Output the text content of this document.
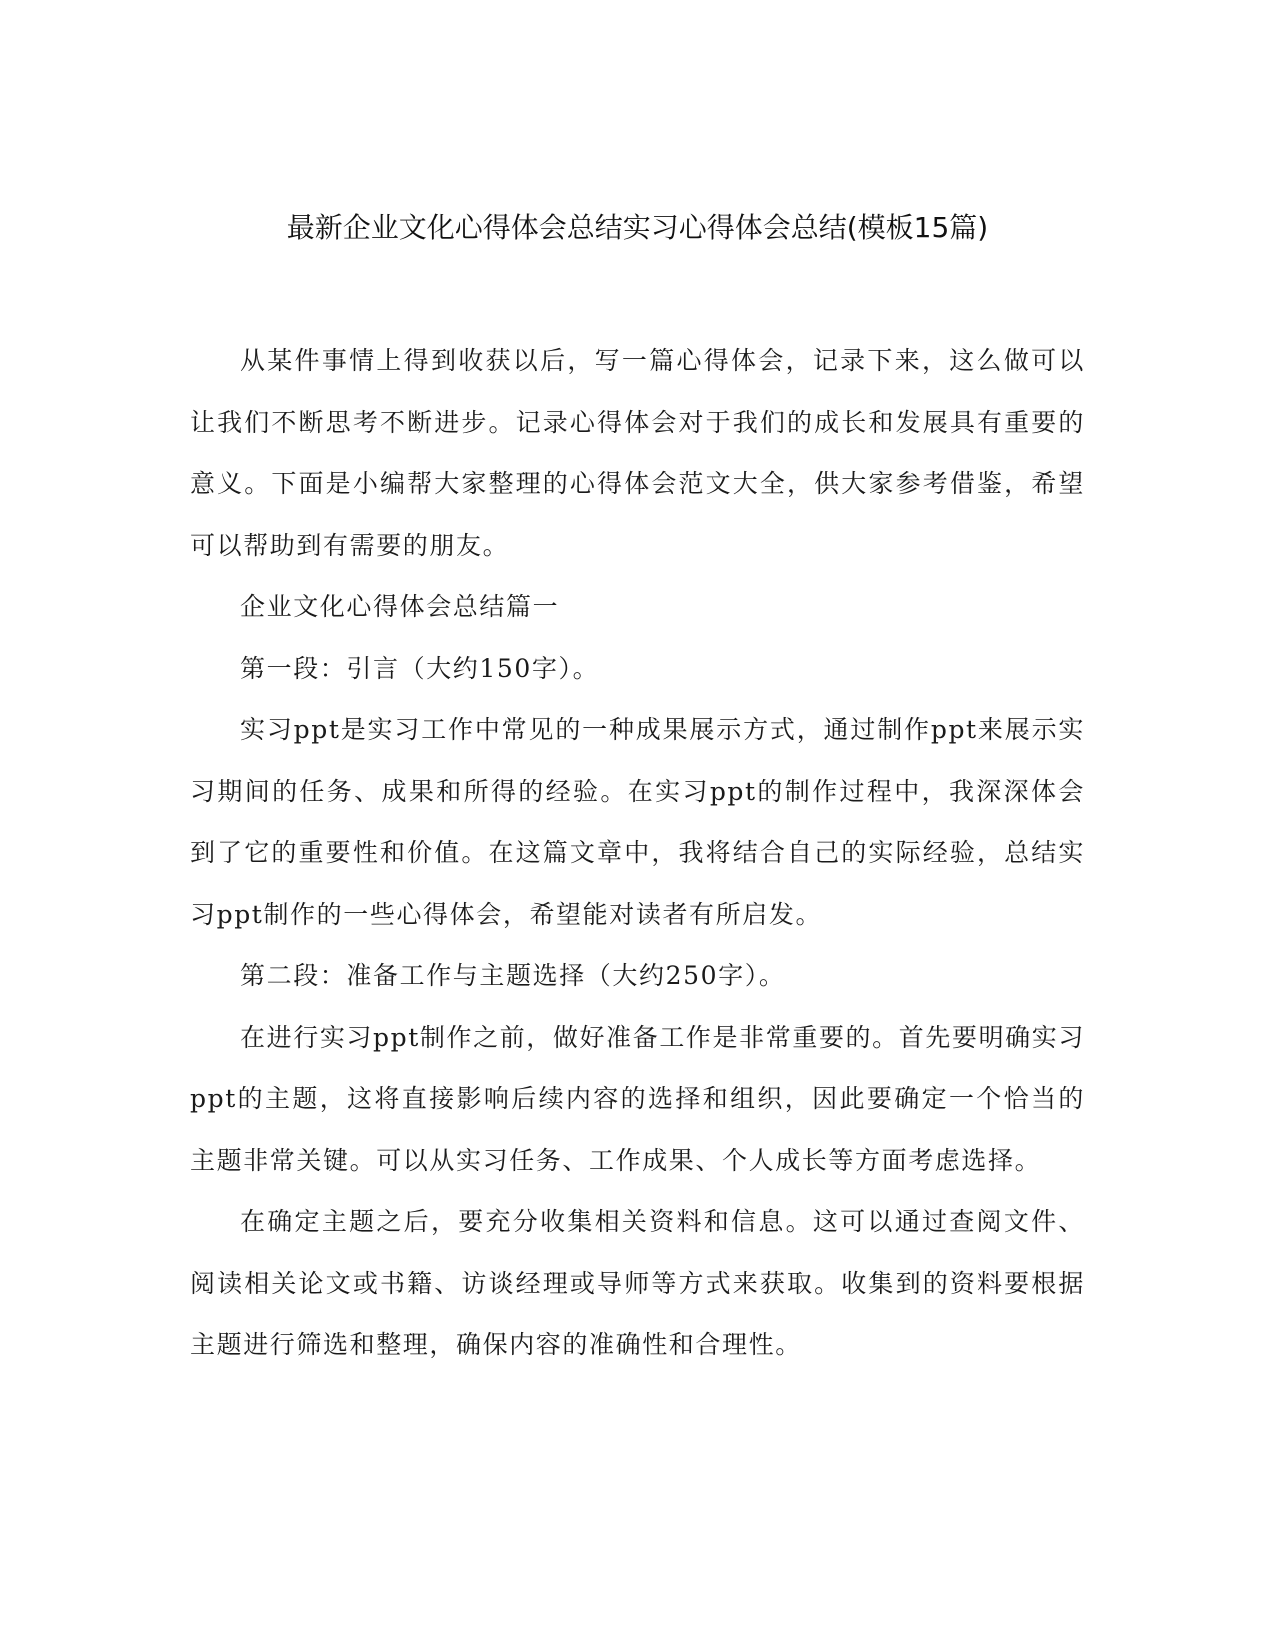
最新企业文化心得体会总结实习心得体会总结(模板15篇)

从某件事情上得到收获以后，写一篇心得体会，记录下来，这么做可以让我们不断思考不断进步。记录心得体会对于我们的成长和发展具有重要的意义。下面是小编帮大家整理的心得体会范文大全，供大家参考借鉴，希望可以帮助到有需要的朋友。

企业文化心得体会总结篇一

第一段：引言（大约150字）。

实习ppt是实习工作中常见的一种成果展示方式，通过制作ppt来展示实习期间的任务、成果和所得的经验。在实习ppt的制作过程中，我深深体会到了它的重要性和价值。在这篇文章中，我将结合自己的实际经验，总结实习ppt制作的一些心得体会，希望能对读者有所启发。

第二段：准备工作与主题选择（大约250字）。

在进行实习ppt制作之前，做好准备工作是非常重要的。首先要明确实习ppt的主题，这将直接影响后续内容的选择和组织，因此要确定一个恰当的主题非常关键。可以从实习任务、工作成果、个人成长等方面考虑选择。

在确定主题之后，要充分收集相关资料和信息。这可以通过查阅文件、阅读相关论文或书籍、访谈经理或导师等方式来获取。收集到的资料要根据主题进行筛选和整理，确保内容的准确性和合理性。
